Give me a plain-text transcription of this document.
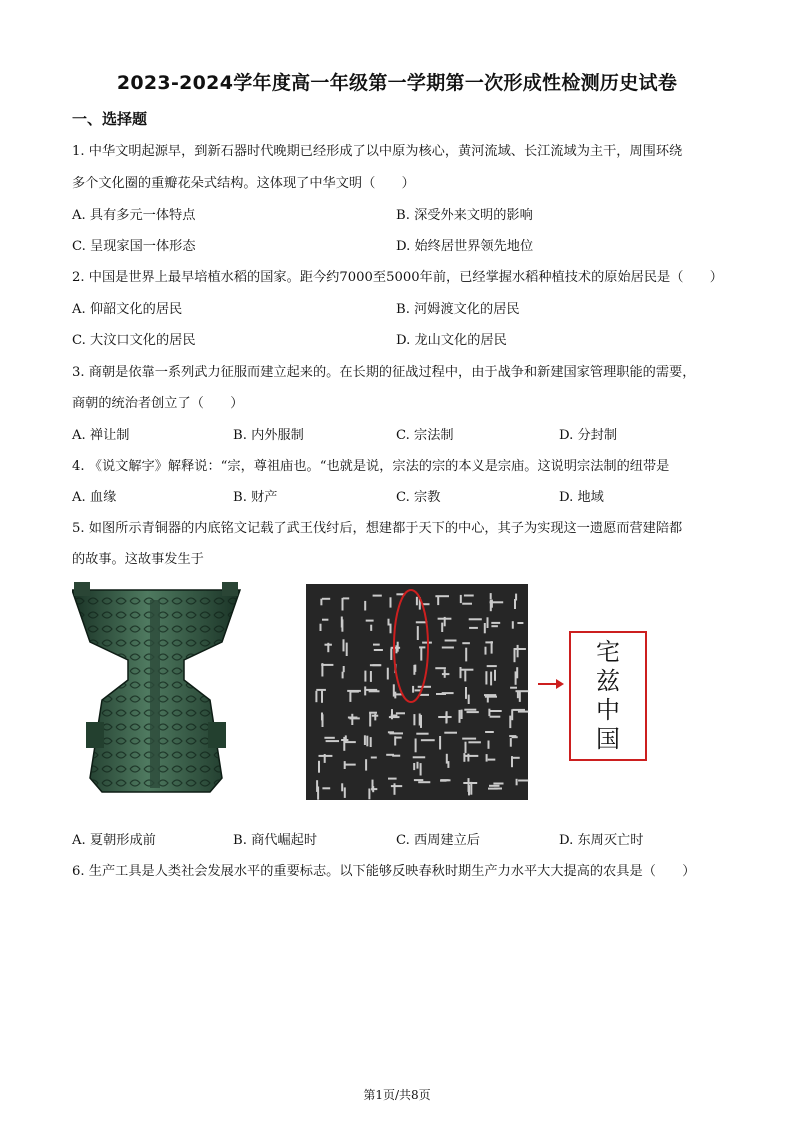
2023-2024学年度高一年级第一学期第一次形成性检测历史试卷
一、选择题
1. 中华文明起源早，到新石器时代晚期已经形成了以中原为核心，黄河流域、长江流域为主干，周围环绕
多个文化圈的重瓣花朵式结构。这体现了中华文明（　　）
A. 具有多元一体特点	B. 深受外来文明的影响
C. 呈现家国一体形态	D. 始终居世界领先地位
2. 中国是世界上最早培植水稻的国家。距今约7000至5000年前，已经掌握水稻种植技术的原始居民是（　　）
A. 仰韶文化的居民	B. 河姆渡文化的居民
C. 大汶口文化的居民	D. 龙山文化的居民
3. 商朝是依靠一系列武力征服而建立起来的。在长期的征战过程中，由于战争和新建国家管理职能的需要，
商朝的统治者创立了（　　）
A. 禅让制	B. 内外服制	C. 宗法制	D. 分封制
4. 《说文解字》解释说：“宗，尊祖庙也。“也就是说，宗法的宗的本义是宗庙。这说明宗法制的纽带是
A. 血缘	B. 财产	C. 宗教	D. 地域
5. 如图所示青铜器的内底铭文记载了武王伐纣后，想建都于天下的中心，其子为实现这一遗愿而营建陪都
的故事。这故事发生于
宅
兹
中
国
A. 夏朝形成前	B. 商代崛起时	C. 西周建立后	D. 东周灭亡时
6. 生产工具是人类社会发展水平的重要标志。以下能够反映春秋时期生产力水平大大提高的农具是（　　）
第1页/共8页
